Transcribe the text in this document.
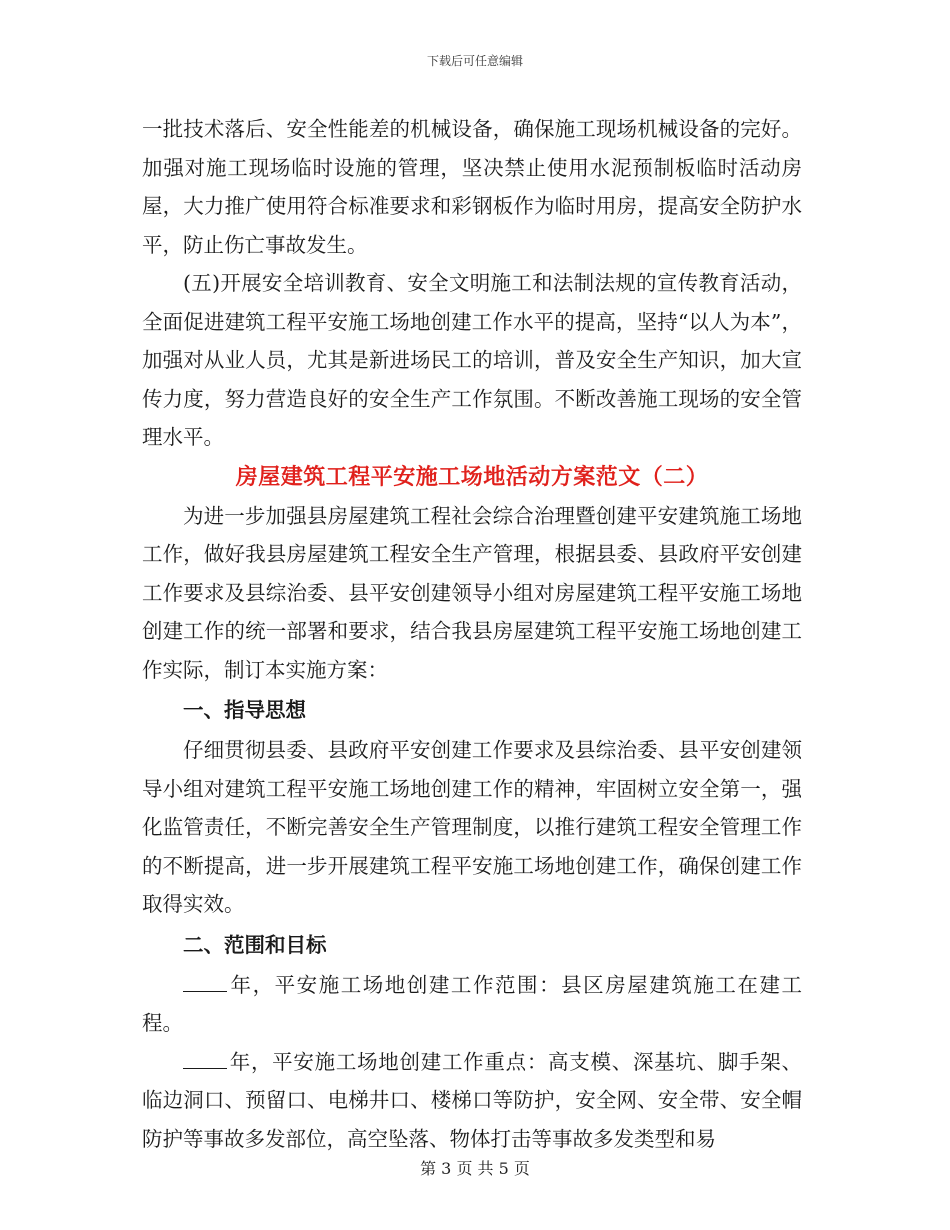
下载后可任意编辑

一批技术落后、安全性能差的机械设备，确保施工现场机械设备的完好。加强对施工现场临时设施的管理，坚决禁止使用水泥预制板临时活动房屋，大力推广使用符合标准要求和彩钢板作为临时用房，提高安全防护水平，防止伤亡事故发生。

(五)开展安全培训教育、安全文明施工和法制法规的宣传教育活动，全面促进建筑工程平安施工场地创建工作水平的提高，坚持“以人为本”，加强对从业人员，尤其是新进场民工的培训，普及安全生产知识，加大宣传力度，努力营造良好的安全生产工作氛围。不断改善施工现场的安全管理水平。

房屋建筑工程平安施工场地活动方案范文（二）

为进一步加强县房屋建筑工程社会综合治理暨创建平安建筑施工场地工作，做好我县房屋建筑工程安全生产管理，根据县委、县政府平安创建工作要求及县综治委、县平安创建领导小组对房屋建筑工程平安施工场地创建工作的统一部署和要求，结合我县房屋建筑工程平安施工场地创建工作实际，制订本实施方案：

一、指导思想

仔细贯彻县委、县政府平安创建工作要求及县综治委、县平安创建领导小组对建筑工程平安施工场地创建工作的精神，牢固树立安全第一，强化监管责任，不断完善安全生产管理制度，以推行建筑工程安全管理工作的不断提高，进一步开展建筑工程平安施工场地创建工作，确保创建工作取得实效。

二、范围和目标

年，平安施工场地创建工作范围：县区房屋建筑施工在建工程。

年，平安施工场地创建工作重点：高支模、深基坑、脚手架、临边洞口、预留口、电梯井口、楼梯口等防护，安全网、安全带、安全帽防护等事故多发部位，高空坠落、物体打击等事故多发类型和易

第 3 页 共 5 页
